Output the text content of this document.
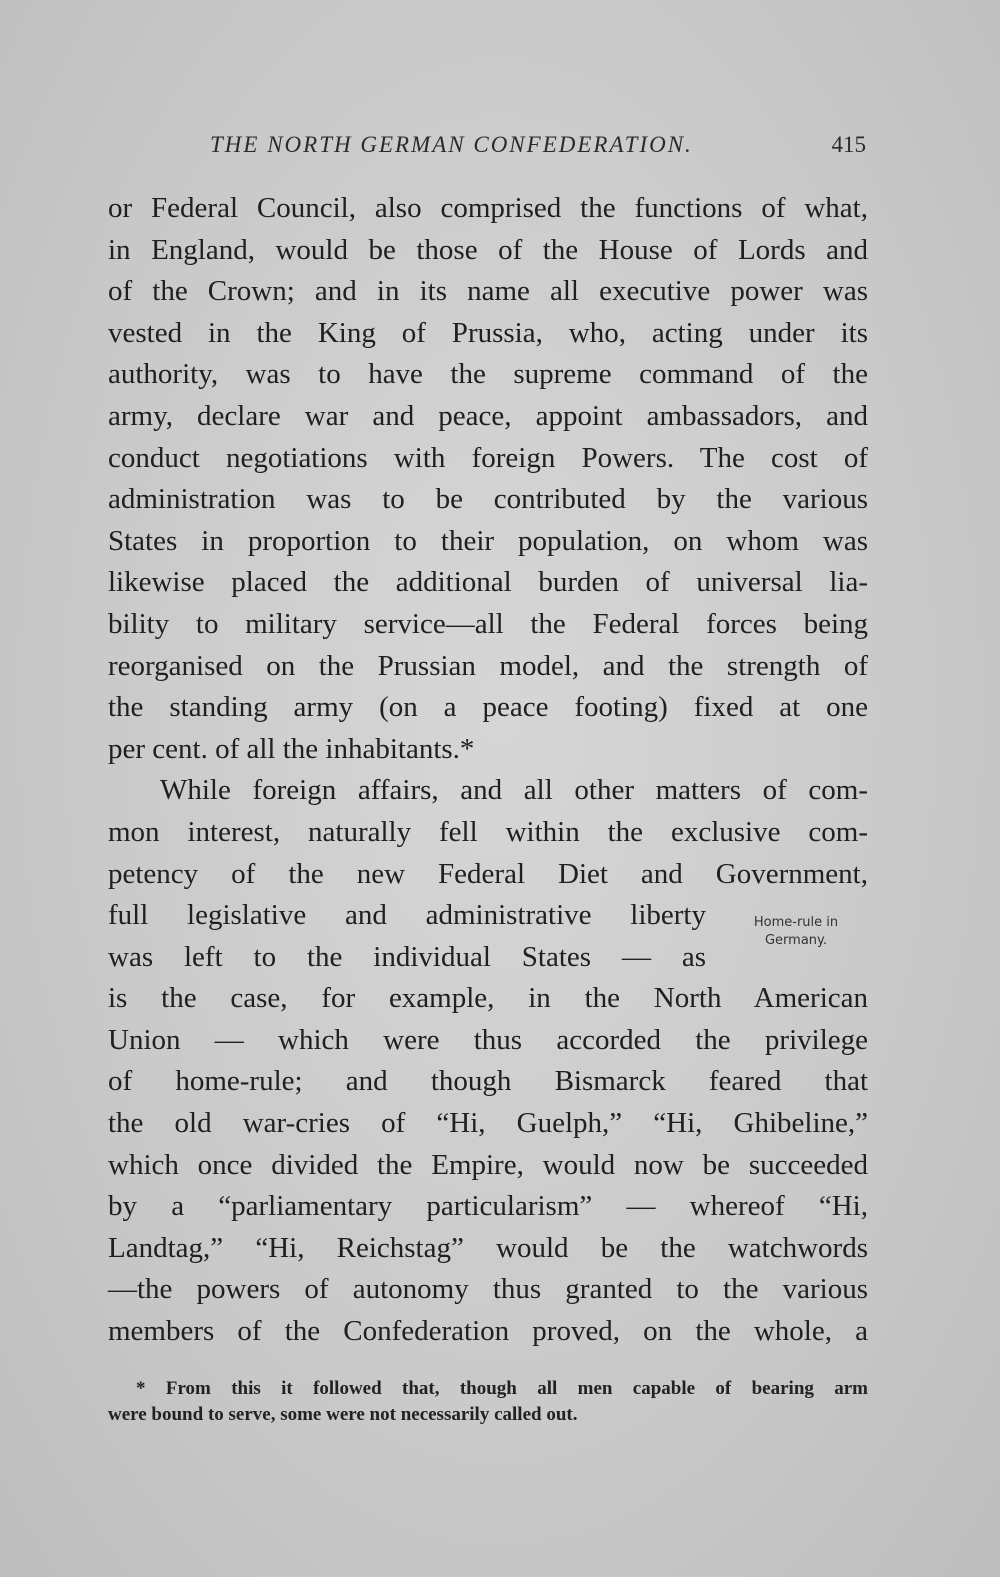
THE NORTH GERMAN CONFEDERATION.	415
or Federal Council, also comprised the functions of what,
in England, would be those of the House of Lords and
of the Crown; and in its name all executive power was
vested in the King of Prussia, who, acting under its
authority, was to have the supreme command of the
army, declare war and peace, appoint ambassadors, and
conduct negotiations with foreign Powers. The cost of
administration was to be contributed by the various
States in proportion to their population, on whom was
likewise placed the additional burden of universal lia-
bility to military service—all the Federal forces being
reorganised on the Prussian model, and the strength of
the standing army (on a peace footing) fixed at one
per cent. of all the inhabitants.*
While foreign affairs, and all other matters of com-
mon interest, naturally fell within the exclusive com-
petency of the new Federal Diet and Government,
full legislative and administrative liberty
was left to the individual States — as
is the case, for example, in the North American
Union — which were thus accorded the privilege
of home-rule; and though Bismarck feared that
the old war-cries of “Hi, Guelph,” “Hi, Ghibeline,”
which once divided the Empire, would now be succeeded
by a “parliamentary particularism” — whereof “Hi,
Landtag,” “Hi, Reichstag” would be the watchwords
—the powers of autonomy thus granted to the various
members of the Confederation proved, on the whole, a
Home-rule in
Germany.
* From this it followed that, though all men capable of bearing arm
were bound to serve, some were not necessarily called out.
